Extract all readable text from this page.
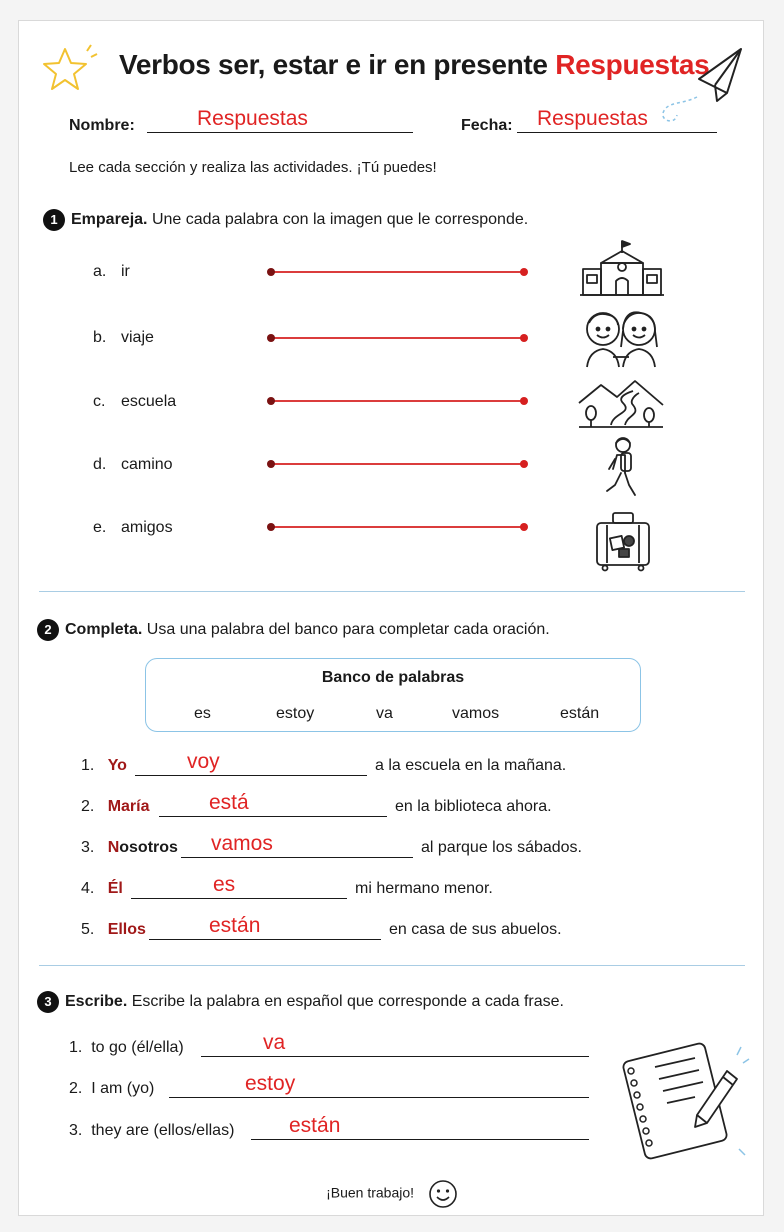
Verbos ser, estar e ir en presente Respuestas
Nombre:	Respuestas	Fecha: Respuestas
Lee cada sección y realiza las actividades. ¡Tú puedes!
1 Empareja. Une cada palabra con la imagen que le corresponde.
a. ir
b. viaje
c. escuela
d. camino
e. amigos
2 Completa. Usa una palabra del banco para completar cada oración.
Banco de palabras
es	estoy	va	vamos	están
1. Yo	voy	a la escuela en la mañana.
2. María	está	en la biblioteca ahora.
3. Nosotros vamos	al parque los sábados.
4. Él	es	mi hermano menor.
5. Ellos	están	en casa de sus abuelos.
3 Escribe. Escribe la palabra en español que corresponde a cada frase.
1. to go (él/ella)	va
2. I am (yo)	estoy
3. they are (ellos/ellas)	están
¡Buen trabajo!
